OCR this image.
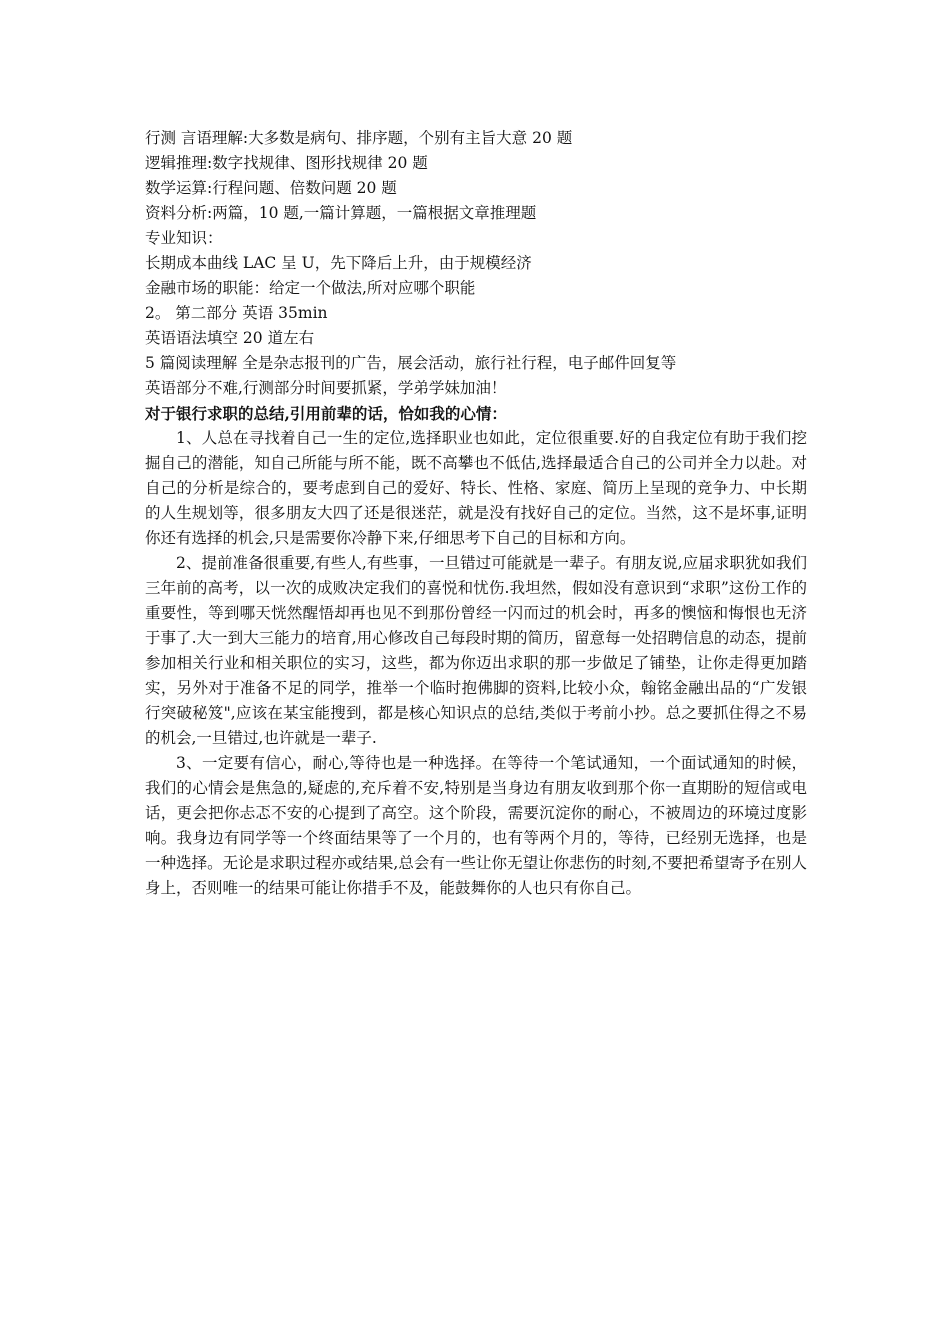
行测 言语理解:大多数是病句、排序题，个别有主旨大意 20 题
逻辑推理:数字找规律、图形找规律 20 题
数学运算:行程问题、倍数问题 20 题
资料分析:两篇，10 题,一篇计算题，一篇根据文章推理题
专业知识：
长期成本曲线 LAC 呈 U，先下降后上升，由于规模经济
金融市场的职能：给定一个做法,所对应哪个职能
2。 第二部分 英语 35min
英语语法填空 20 道左右
5 篇阅读理解 全是杂志报刊的广告，展会活动，旅行社行程，电子邮件回复等
英语部分不难,行测部分时间要抓紧，学弟学妹加油！
对于银行求职的总结,引用前辈的话，恰如我的心情：

1、人总在寻找着自己一生的定位,选择职业也如此，定位很重要.好的自我定位有助于我们挖掘自己的潜能，知自己所能与所不能，既不高攀也不低估,选择最适合自己的公司并全力以赴。对自己的分析是综合的，要考虑到自己的爱好、特长、性格、家庭、简历上呈现的竞争力、中长期的人生规划等，很多朋友大四了还是很迷茫，就是没有找好自己的定位。当然，这不是坏事,证明你还有选择的机会,只是需要你冷静下来,仔细思考下自己的目标和方向。

2、提前准备很重要,有些人,有些事，一旦错过可能就是一辈子。有朋友说,应届求职犹如我们三年前的高考，以一次的成败决定我们的喜悦和忧伤.我坦然，假如没有意识到“求职”这份工作的重要性，等到哪天恍然醒悟却再也见不到那份曾经一闪而过的机会时，再多的懊恼和悔恨也无济于事了.大一到大三能力的培育,用心修改自己每段时期的简历，留意每一处招聘信息的动态，提前参加相关行业和相关职位的实习，这些，都为你迈出求职的那一步做足了铺垫，让你走得更加踏实，另外对于准备不足的同学，推举一个临时抱佛脚的资料,比较小众，翰铭金融出品的“广发银行突破秘笈",应该在某宝能搜到，都是核心知识点的总结,类似于考前小抄。总之要抓住得之不易的机会,一旦错过,也许就是一辈子.

3、一定要有信心，耐心,等待也是一种选择。在等待一个笔试通知，一个面试通知的时候，我们的心情会是焦急的,疑虑的,充斥着不安,特别是当身边有朋友收到那个你一直期盼的短信或电话，更会把你忐忑不安的心提到了高空。这个阶段，需要沉淀你的耐心，不被周边的环境过度影响。我身边有同学等一个终面结果等了一个月的，也有等两个月的，等待，已经别无选择，也是一种选择。无论是求职过程亦或结果,总会有一些让你无望让你悲伤的时刻,不要把希望寄予在别人身上，否则唯一的结果可能让你措手不及，能鼓舞你的人也只有你自己。
